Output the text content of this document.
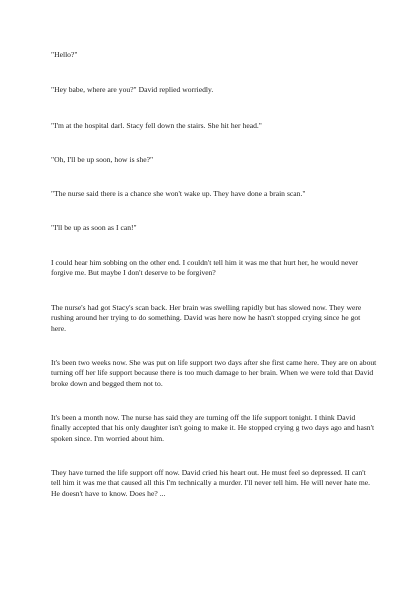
"Hello?"

"Hey babe, where are you?" David replied worriedly.

"I'm at the hospital darl. Stacy fell down the stairs. She hit her head."

"Oh, I'll be up soon, how is she?"

"The nurse said there is a chance she won't wake up. They have done a brain scan."

"I'll be up as soon as I can!"

I could hear him sobbing on the other end. I couldn't tell him it was me that hurt her, he would never forgive me. But maybe I don't deserve to be forgiven?

The nurse's had got Stacy's scan back. Her brain was swelling rapidly but has slowed now. They were rushing around her trying to do something. David was here now he hasn't stopped crying since he got here.

It's been two weeks now. She was put on life support two days after she first came here. They are on about turning off her life support because there is too much damage to her brain. When we were told that David broke down and begged them not to.

It's been a month now. The nurse has said they are turning off the life support tonight. I think David finally accepted that his only daughter isn't going to make it. He stopped crying g two days ago and hasn't spoken since. I'm worried about him.

They have turned the life support off now. David cried his heart out. He must feel so depressed. II can't tell him it was me that caused all this I'm technically a murder. I'll never tell him. He will never hate me. He doesn't have to know. Does he? ...
